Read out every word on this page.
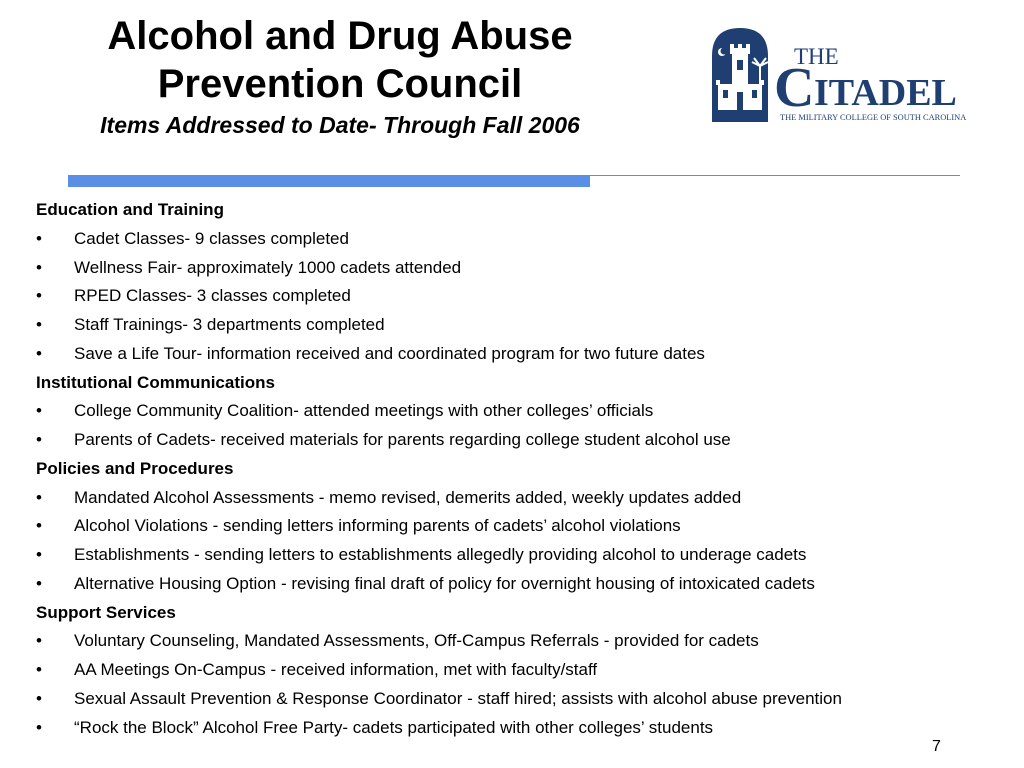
Alcohol and Drug Abuse
Prevention Council
Items Addressed to Date- Through Fall 2006
THE
C ITADEL
THE MILITARY COLLEGE OF SOUTH CAROLINA
Education and Training
• Cadet Classes- 9 classes completed
• Wellness Fair- approximately 1000 cadets attended
• RPED Classes- 3 classes completed
• Staff Trainings- 3 departments completed
• Save a Life Tour- information received and coordinated program for two future dates
Institutional Communications
• College Community Coalition- attended meetings with other colleges’ officials
• Parents of Cadets- received materials for parents regarding college student alcohol use
Policies and Procedures
• Mandated Alcohol Assessments - memo revised, demerits added, weekly updates added
• Alcohol Violations - sending letters informing parents of cadets’ alcohol violations
• Establishments - sending letters to establishments allegedly providing alcohol to underage cadets
• Alternative Housing Option - revising final draft of policy for overnight housing of intoxicated cadets
Support Services
• Voluntary Counseling, Mandated Assessments, Off-Campus Referrals - provided for cadets
• AA Meetings On-Campus - received information, met with faculty/staff
• Sexual Assault Prevention & Response Coordinator - staff hired; assists with alcohol abuse prevention
• “Rock the Block” Alcohol Free Party- cadets participated with other colleges’ students
7
